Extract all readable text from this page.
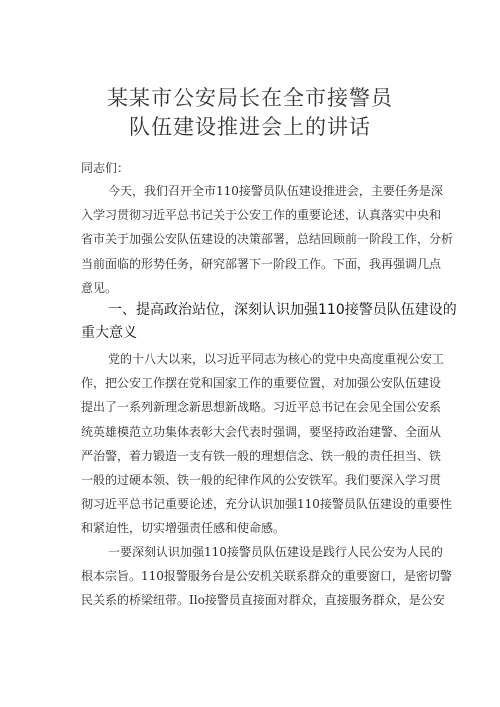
某某市公安局长在全市接警员
队伍建设推进会上的讲话
同志们：
今天，我们召开全市110接警员队伍建设推进会，主要任务是深
入学习贯彻习近平总书记关于公安工作的重要论述，认真落实中央和
省市关于加强公安队伍建设的决策部署，总结回顾前一阶段工作，分析
当前面临的形势任务，研究部署下一阶段工作。下面，我再强调几点
意见。
一、提高政治站位，深刻认识加强110接警员队伍建设的
重大意义
党的十八大以来，以习近平同志为核心的党中央高度重视公安工
作，把公安工作摆在党和国家工作的重要位置，对加强公安队伍建设
提出了一系列新理念新思想新战略。习近平总书记在会见全国公安系
统英雄模范立功集体表彰大会代表时强调，要坚持政治建警、全面从
严治警，着力锻造一支有铁一般的理想信念、铁一般的责任担当、铁
一般的过硬本领、铁一般的纪律作风的公安铁军。我们要深入学习贯
彻习近平总书记重要论述，充分认识加强110接警员队伍建设的重要性
和紧迫性，切实增强责任感和使命感。
一要深刻认识加强110接警员队伍建设是践行人民公安为人民的
根本宗旨。110报警服务台是公安机关联系群众的重要窗口，是密切警
民关系的桥梁纽带。Ilo接警员直接面对群众，直接服务群众，是公安
